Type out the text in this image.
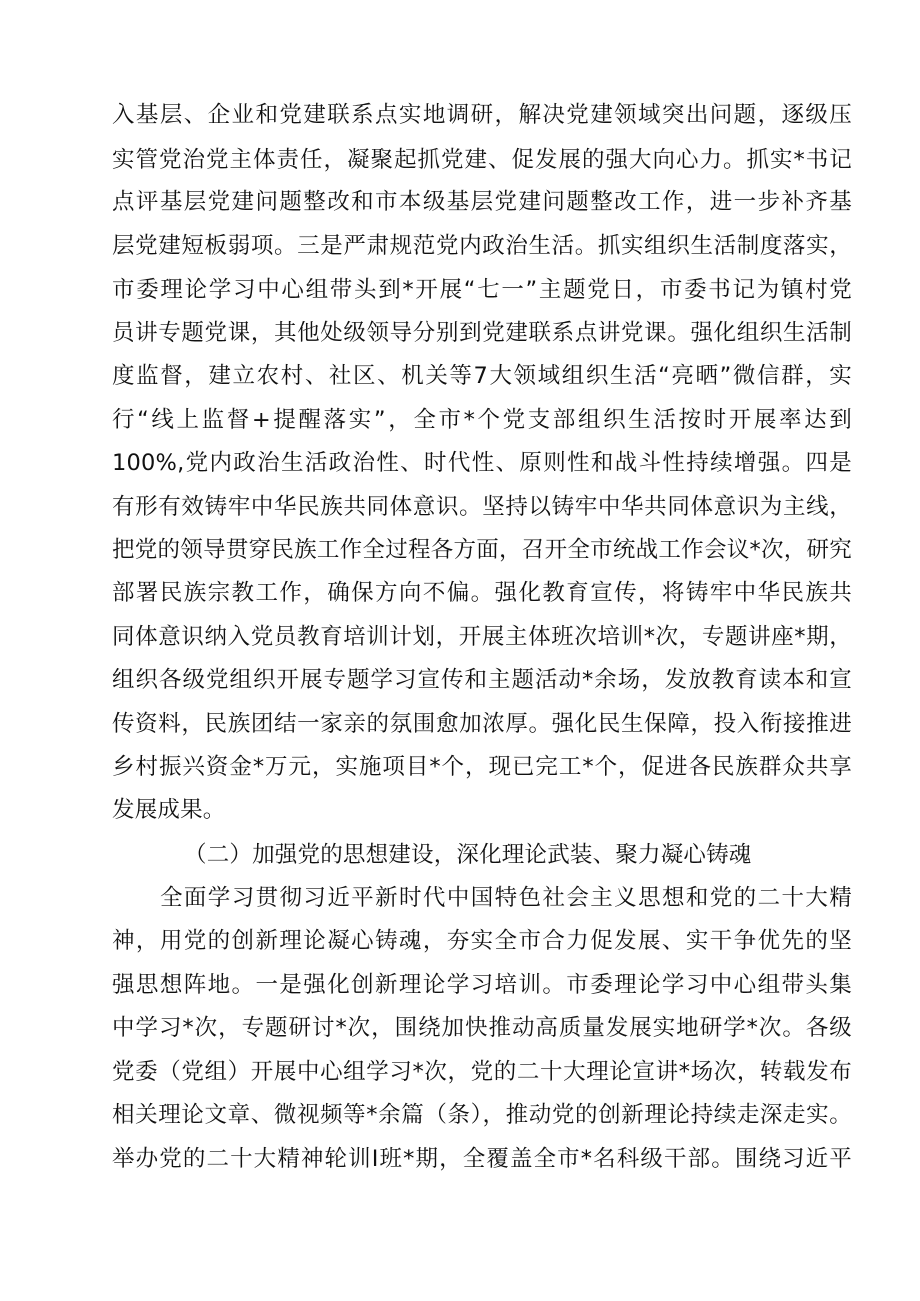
入基层、企业和党建联系点实地调研，解决党建领域突出问题，逐级压
实管党治党主体责任，凝聚起抓党建、促发展的强大向心力。抓实*书记
点评基层党建问题整改和市本级基层党建问题整改工作，进一步补齐基
层党建短板弱项。三是严肃规范党内政治生活。抓实组织生活制度落实，
市委理论学习中心组带头到*开展“七一”主题党日，市委书记为镇村党
员讲专题党课，其他处级领导分别到党建联系点讲党课。强化组织生活制
度监督，建立农村、社区、机关等7大领域组织生活“亮晒”微信群，实
行“线上监督+提醒落实”，全市*个党支部组织生活按时开展率达到
100%,党内政治生活政治性、时代性、原则性和战斗性持续增强。四是
有形有效铸牢中华民族共同体意识。坚持以铸牢中华共同体意识为主线，
把党的领导贯穿民族工作全过程各方面，召开全市统战工作会议*次，研究
部署民族宗教工作，确保方向不偏。强化教育宣传，将铸牢中华民族共
同体意识纳入党员教育培训计划，开展主体班次培训*次，专题讲座*期，
组织各级党组织开展专题学习宣传和主题活动*余场，发放教育读本和宣
传资料，民族团结一家亲的氛围愈加浓厚。强化民生保障，投入衔接推进
乡村振兴资金*万元，实施项目*个，现已完工*个，促进各民族群众共享
发展成果。
（二）加强党的思想建设，深化理论武装、聚力凝心铸魂
全面学习贯彻习近平新时代中国特色社会主义思想和党的二十大精
神，用党的创新理论凝心铸魂，夯实全市合力促发展、实干争优先的坚
强思想阵地。一是强化创新理论学习培训。市委理论学习中心组带头集
中学习*次，专题研讨*次，围绕加快推动高质量发展实地研学*次。各级
党委（党组）开展中心组学习*次，党的二十大理论宣讲*场次，转载发布
相关理论文章、微视频等*余篇（条），推动党的创新理论持续走深走实。
举办党的二十大精神轮训I班*期，全覆盖全市*名科级干部。围绕习近平
